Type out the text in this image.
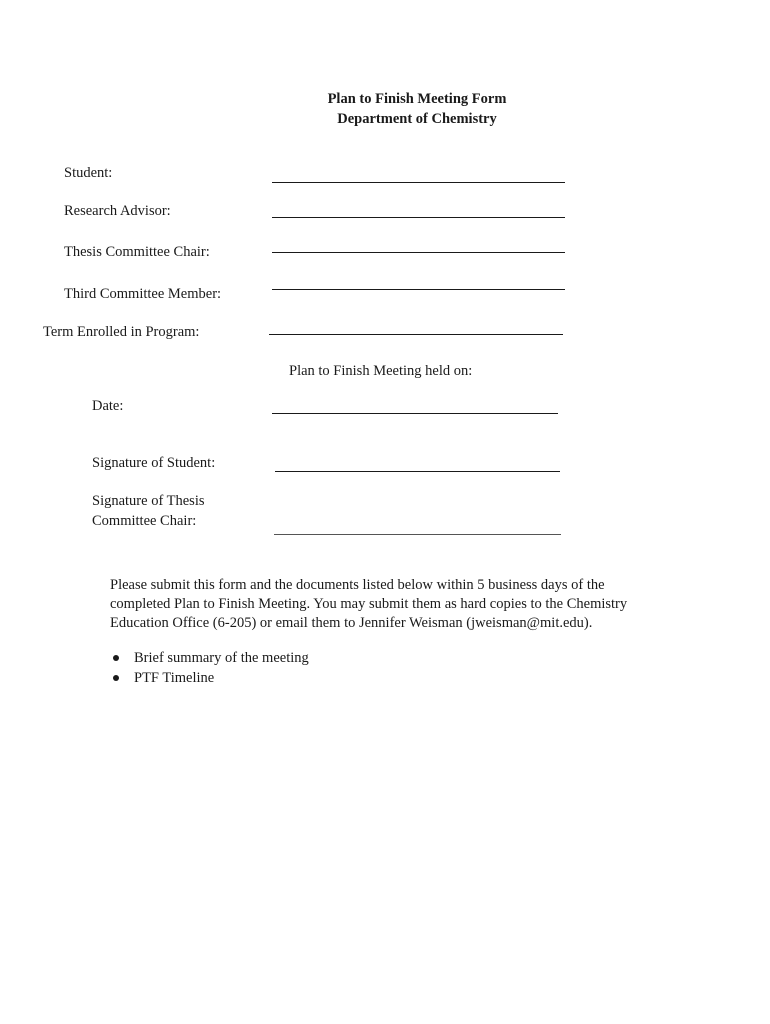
Plan to Finish Meeting Form
Department of Chemistry
Student:
Research Advisor:
Thesis Committee Chair:
Third Committee Member:
Term Enrolled in Program:
Plan to Finish Meeting held on:
Date:
Signature of Student:
Signature of Thesis
Committee Chair:
Please submit this form and the documents listed below within 5 business days of the
completed Plan to Finish Meeting. You may submit them as hard copies to the Chemistry
Education Office (6-205) or email them to Jennifer Weisman (jweisman@mit.edu).
Brief summary of the meeting
PTF Timeline
